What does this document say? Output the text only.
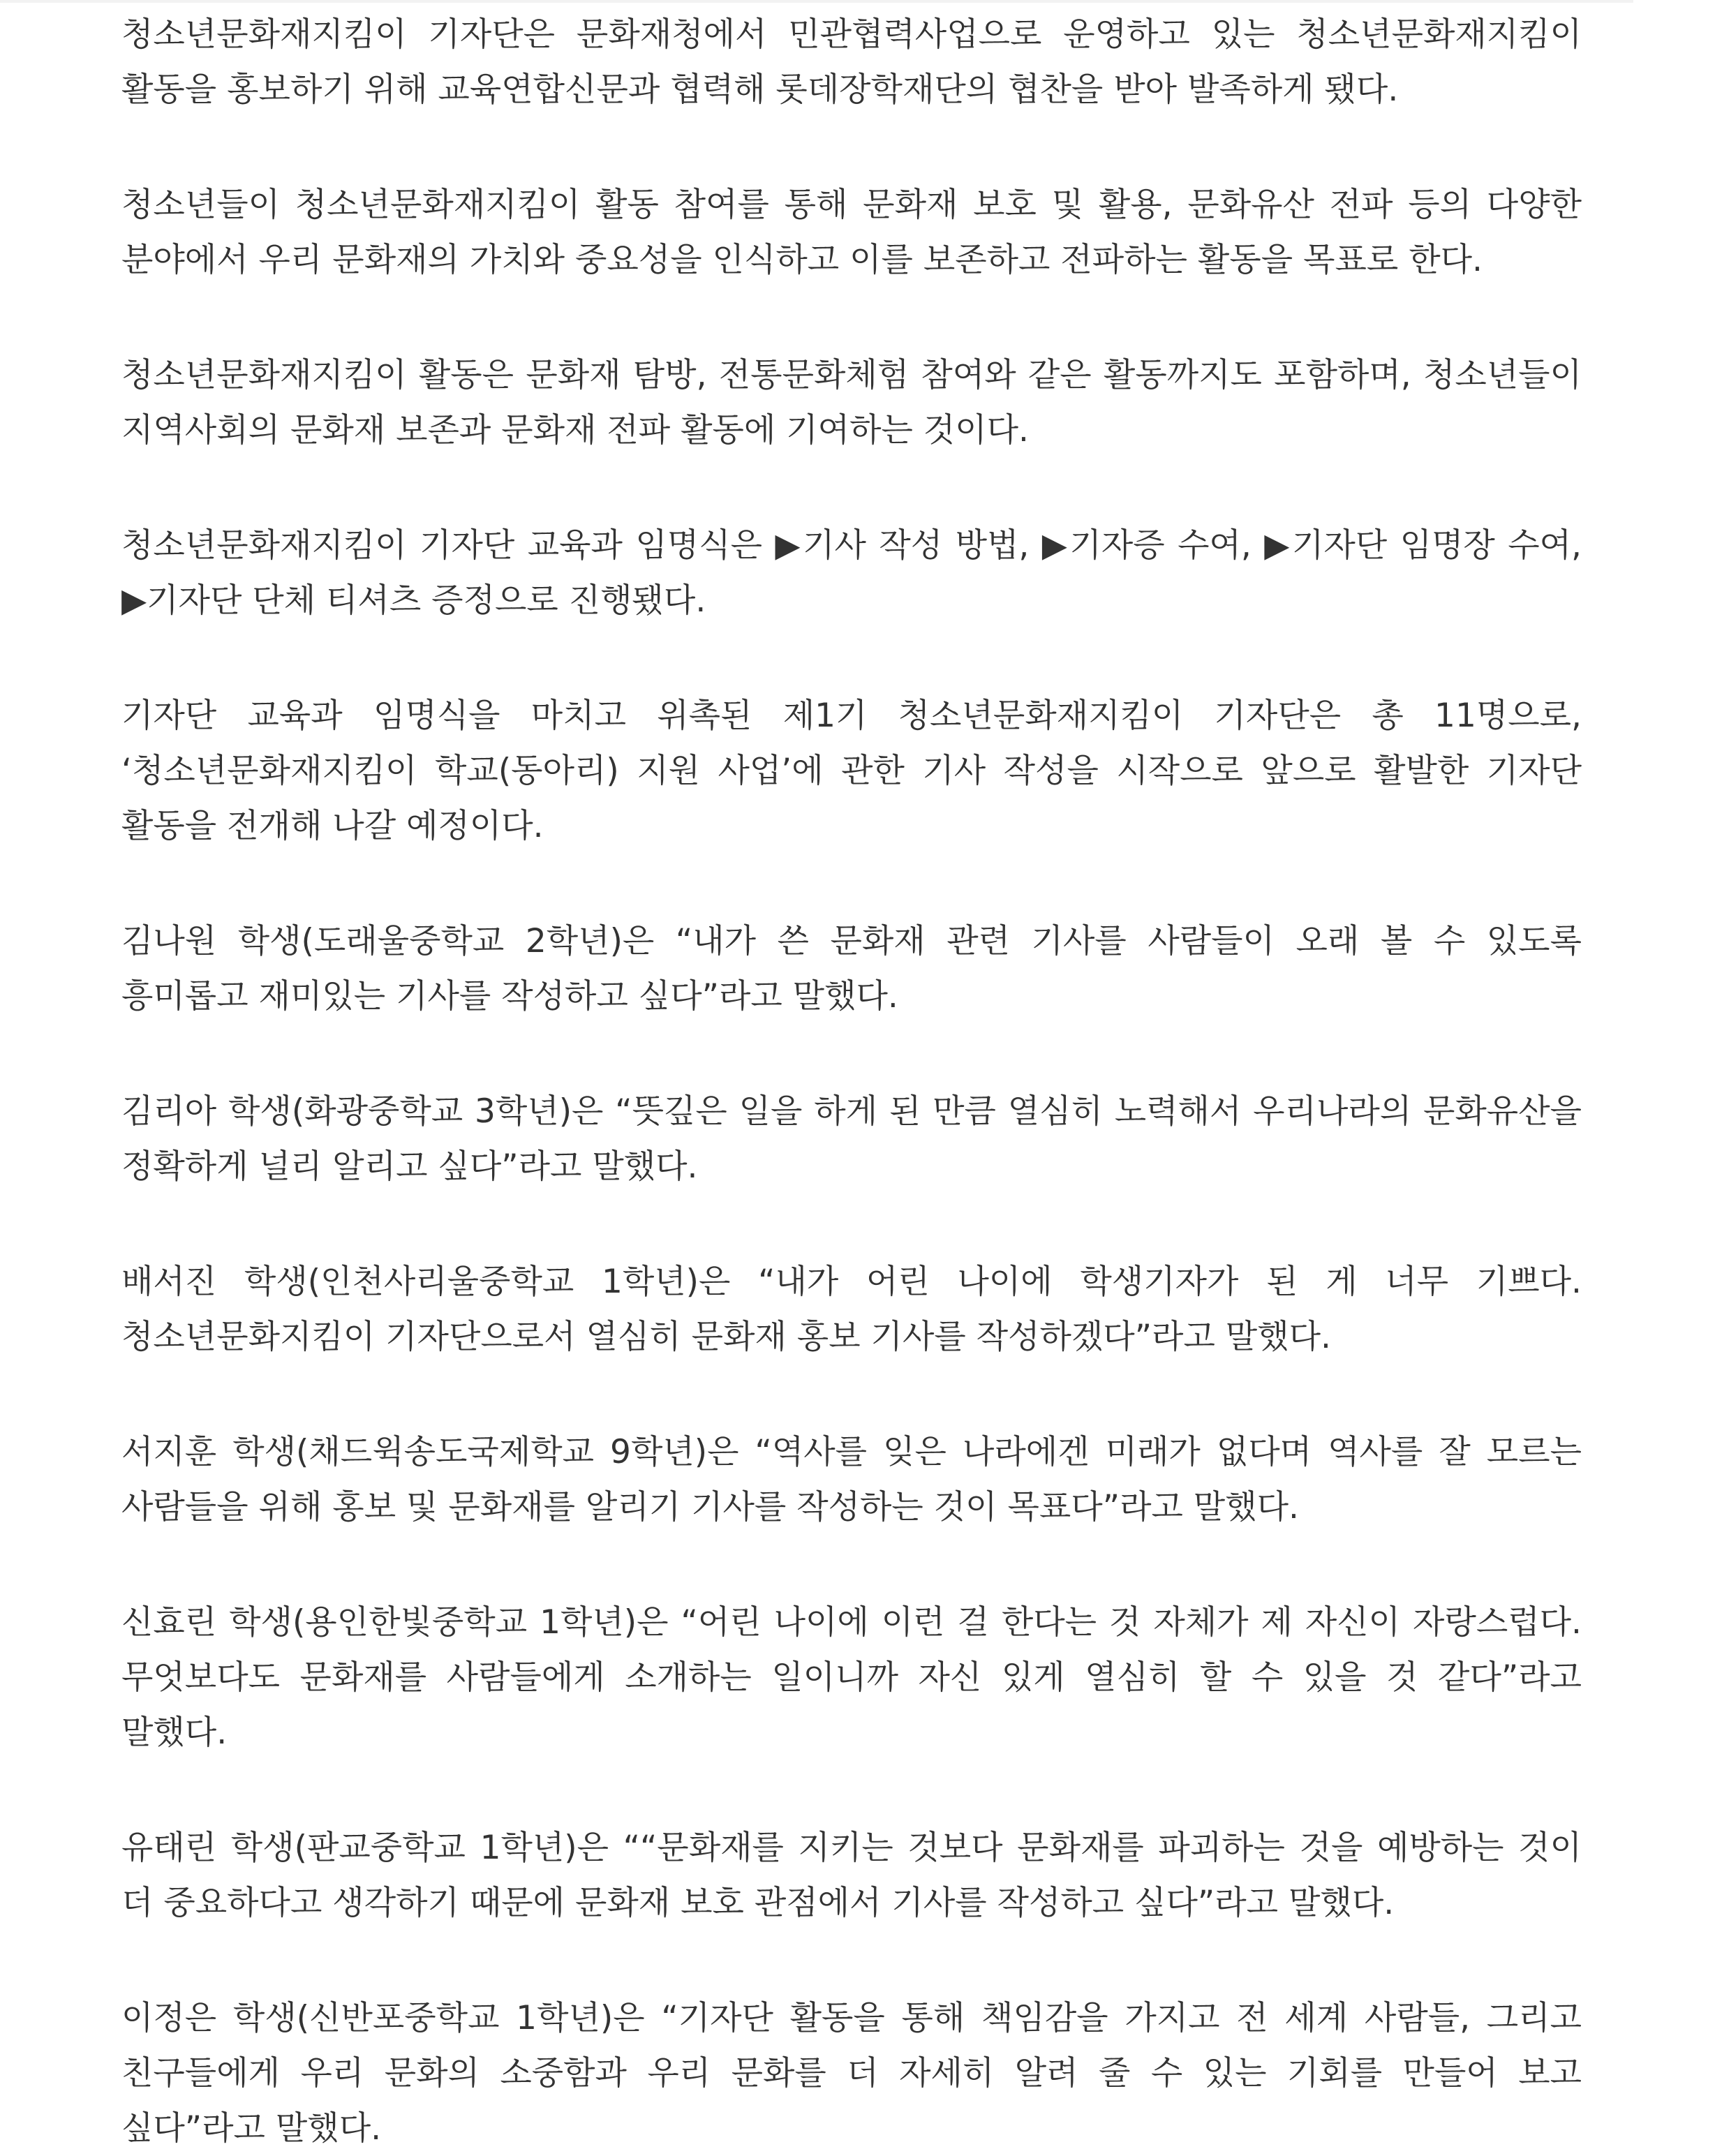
청소년문화재지킴이 기자단은 문화재청에서 민관협력사업으로 운영하고 있는 청소년문화재지킴이 활동을 홍보하기 위해 교육연합신문과 협력해 롯데장학재단의 협찬을 받아 발족하게 됐다.

청소년들이 청소년문화재지킴이 활동 참여를 통해 문화재 보호 및 활용, 문화유산 전파 등의 다양한 분야에서 우리 문화재의 가치와 중요성을 인식하고 이를 보존하고 전파하는 활동을 목표로 한다.

청소년문화재지킴이 활동은 문화재 탐방, 전통문화체험 참여와 같은 활동까지도 포함하며, 청소년들이 지역사회의 문화재 보존과 문화재 전파 활동에 기여하는 것이다.

청소년문화재지킴이 기자단 교육과 임명식은 ▶기사 작성 방법, ▶기자증 수여, ▶기자단 임명장 수여, ▶기자단 단체 티셔츠 증정으로 진행됐다.

기자단 교육과 임명식을 마치고 위촉된 제1기 청소년문화재지킴이 기자단은 총 11명으로, ‘청소년문화재지킴이 학교(동아리) 지원 사업’에 관한 기사 작성을 시작으로 앞으로 활발한 기자단 활동을 전개해 나갈 예정이다.

김나원 학생(도래울중학교 2학년)은 “내가 쓴 문화재 관련 기사를 사람들이 오래 볼 수 있도록 흥미롭고 재미있는 기사를 작성하고 싶다”라고 말했다.

김리아 학생(화광중학교 3학년)은 “뜻깊은 일을 하게 된 만큼 열심히 노력해서 우리나라의 문화유산을 정확하게 널리 알리고 싶다”라고 말했다.

배서진 학생(인천사리울중학교 1학년)은 “내가 어린 나이에 학생기자가 된 게 너무 기쁘다. 청소년문화지킴이 기자단으로서 열심히 문화재 홍보 기사를 작성하겠다”라고 말했다.

서지훈 학생(채드윅송도국제학교 9학년)은 “역사를 잊은 나라에겐 미래가 없다며 역사를 잘 모르는 사람들을 위해 홍보 및 문화재를 알리기 기사를 작성하는 것이 목표다”라고 말했다.

신효린 학생(용인한빛중학교 1학년)은 “어린 나이에 이런 걸 한다는 것 자체가 제 자신이 자랑스럽다. 무엇보다도 문화재를 사람들에게 소개하는 일이니까 자신 있게 열심히 할 수 있을 것 같다”라고 말했다.

유태린 학생(판교중학교 1학년)은 ““문화재를 지키는 것보다 문화재를 파괴하는 것을 예방하는 것이 더 중요하다고 생각하기 때문에 문화재 보호 관점에서 기사를 작성하고 싶다”라고 말했다.

이정은 학생(신반포중학교 1학년)은 “기자단 활동을 통해 책임감을 가지고 전 세계 사람들, 그리고 친구들에게 우리 문화의 소중함과 우리 문화를 더 자세히 알려 줄 수 있는 기회를 만들어 보고 싶다”라고 말했다.
